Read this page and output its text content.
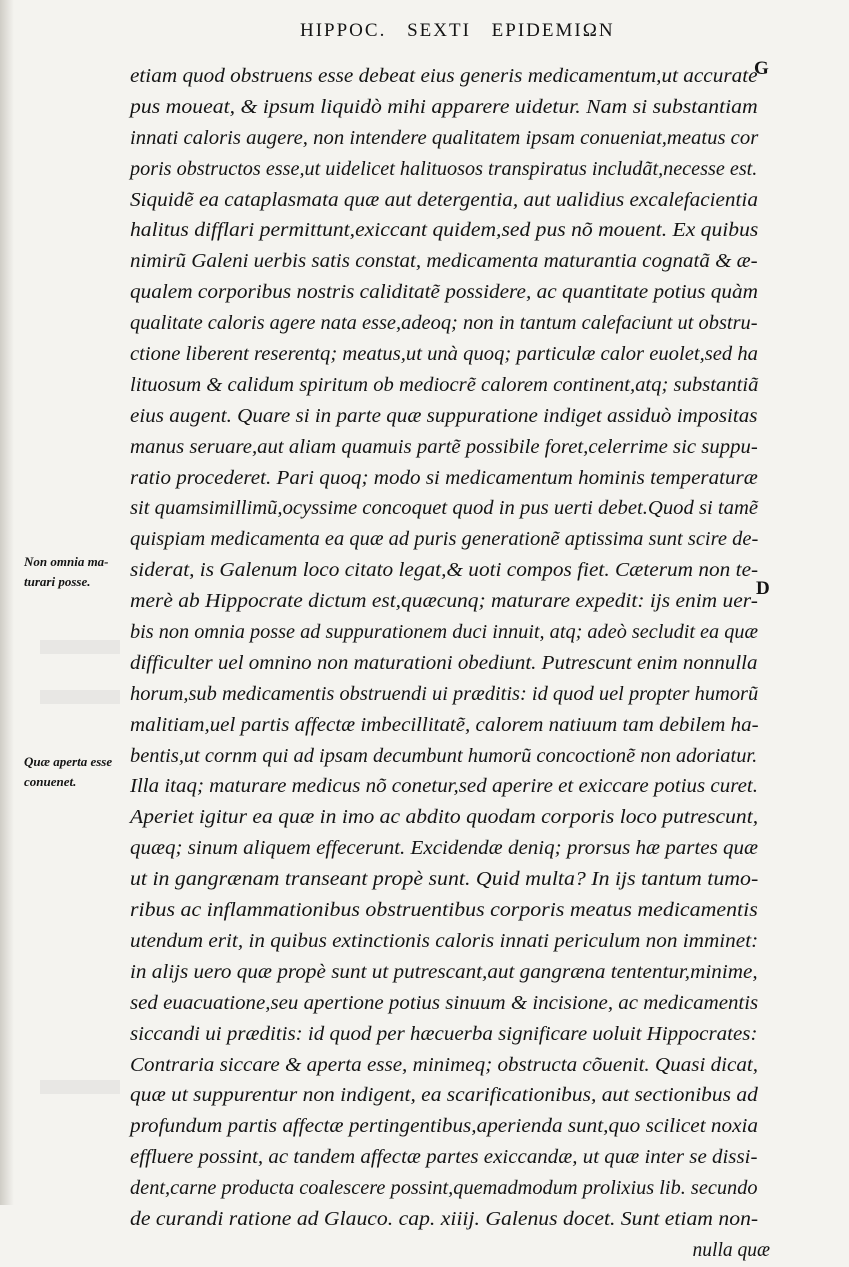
HIPPOC. SEXTI EPIDEMIΩN
G
D
Non omnia ma-
turari posse.
Quæ aperta esse
conuenet.
etiam quod obstruens esse debeat eius generis medicamentum,ut accurate
pus moueat, & ipsum liquidò mihi apparere uidetur. Nam si substantiam
innati caloris augere, non intendere qualitatem ipsam conueniat,meatus cor
poris obstructos esse,ut uidelicet halituosos transpiratus includãt,necesse est.
Siquidẽ ea cataplasmata quæ aut detergentia, aut ualidius excalefacientia
halitus difflari permittunt,exiccant quidem,sed pus nõ mouent. Ex quibus
nimirũ Galeni uerbis satis constat, medicamenta maturantia cognatã & æ-
qualem corporibus nostris caliditatẽ possidere, ac quantitate potius quàm
qualitate caloris agere nata esse,adeoq; non in tantum calefaciunt ut obstru-
ctione liberent reserentq; meatus,ut unà quoq; particulæ calor euolet,sed ha
lituosum & calidum spiritum ob mediocrẽ calorem continent,atq; substantiã
eius augent. Quare si in parte quæ suppuratione indiget assiduò impositas
manus seruare,aut aliam quamuis partẽ possibile foret,celerrime sic suppu-
ratio procederet. Pari quoq; modo si medicamentum hominis temperaturæ
sit quamsimillimũ,ocyssime concoquet quod in pus uerti debet.Quod si tamẽ
quispiam medicamenta ea quæ ad puris generationẽ aptissima sunt scire de-
siderat, is Galenum loco citato legat,& uoti compos fiet. Cæterum non te-
merè ab Hippocrate dictum est,quæcunq; maturare expedit: ijs enim uer-
bis non omnia posse ad suppurationem duci innuit, atq; adeò secludit ea quæ
difficulter uel omnino non maturationi obediunt. Putrescunt enim nonnulla
horum,sub medicamentis obstruendi ui præditis: id quod uel propter humorũ
malitiam,uel partis affectæ imbecillitatẽ, calorem natiuum tam debilem ha-
bentis,ut cornm qui ad ipsam decumbunt humorũ concoctionẽ non adoriatur.
Illa itaq; maturare medicus nõ conetur,sed aperire et exiccare potius curet.
Aperiet igitur ea quæ in imo ac abdito quodam corporis loco putrescunt,
quæq; sinum aliquem effecerunt. Excidendæ deniq; prorsus hæ partes quæ
ut in gangrænam transeant propè sunt. Quid multa? In ijs tantum tumo-
ribus ac inflammationibus obstruentibus corporis meatus medicamentis
utendum erit, in quibus extinctionis caloris innati periculum non imminet:
in alijs uero quæ propè sunt ut putrescant,aut gangræna tententur,minime,
sed euacuatione,seu apertione potius sinuum & incisione, ac medicamentis
siccandi ui præditis: id quod per hæcuerba significare uoluit Hippocrates:
Contraria siccare & aperta esse, minimeq; obstructa cõuenit. Quasi dicat,
quæ ut suppurentur non indigent, ea scarificationibus, aut sectionibus ad
profundum partis affectæ pertingentibus,aperienda sunt,quo scilicet noxia
effluere possint, ac tandem affectæ partes exiccandæ, ut quæ inter se dissi-
dent,carne producta coalescere possint,quemadmodum prolixius lib. secundo
de curandi ratione ad Glauco. cap. xiiij. Galenus docet. Sunt etiam non-
nulla quæ
